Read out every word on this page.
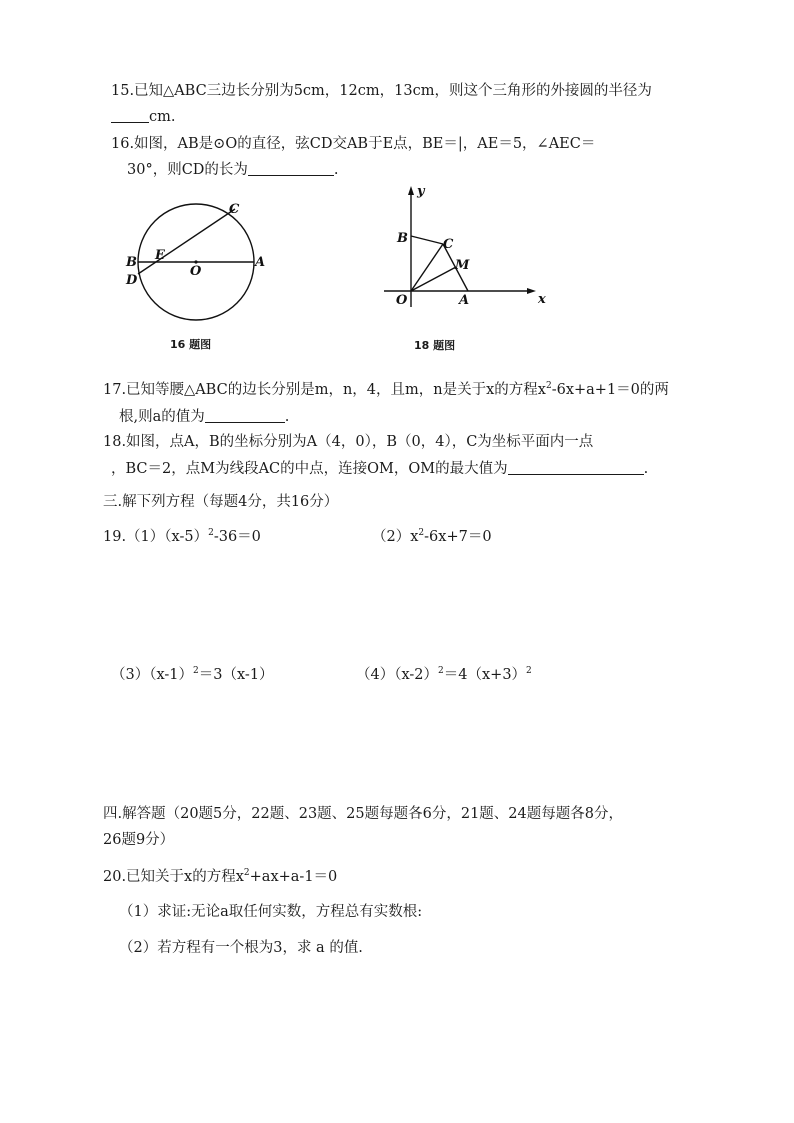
15.已知△ABC三边长分别为5cm，12cm，13cm，则这个三角形的外接圆的半径为
cm.
16.如图，AB是⊙O的直径，弦CD交AB于E点，BE＝|，AE＝5，∠AEC＝
30°，则CD的长为	.
C
B E
O
A
D
16 题图
y
B	C
M
O	A	x
18 题图
17.已知等腰△ABC的边长分别是m，n，4，且m，n是关于x的方程$x^2-6x+a+1=0$的两
根,则a的值为	.
18.如图，点A，B的坐标分别为A（4，0），B（0，4），C为坐标平面内一点
，BC＝2，点M为线段AC的中点，连接OM，OM的最大值为	.
三.解下列方程（每题4分，共16分）
$19.(1)(x-5)^2-36=0$	$(2)x^2-6x+7=0$
$(3)(x-1)^2=3(x-1)$	$(4)(x-2)^2=4(x+3)^2$
四.解答题（20题5分，22题、23题、25题每题各6分，21题、24题每题各8分，
26题9分）
20.已知关于x的方程$x^2+ax+a-1=0$
（1）求证:无论a取任何实数，方程总有实数根:
（2）若方程有一个根为3，求 a 的值.
